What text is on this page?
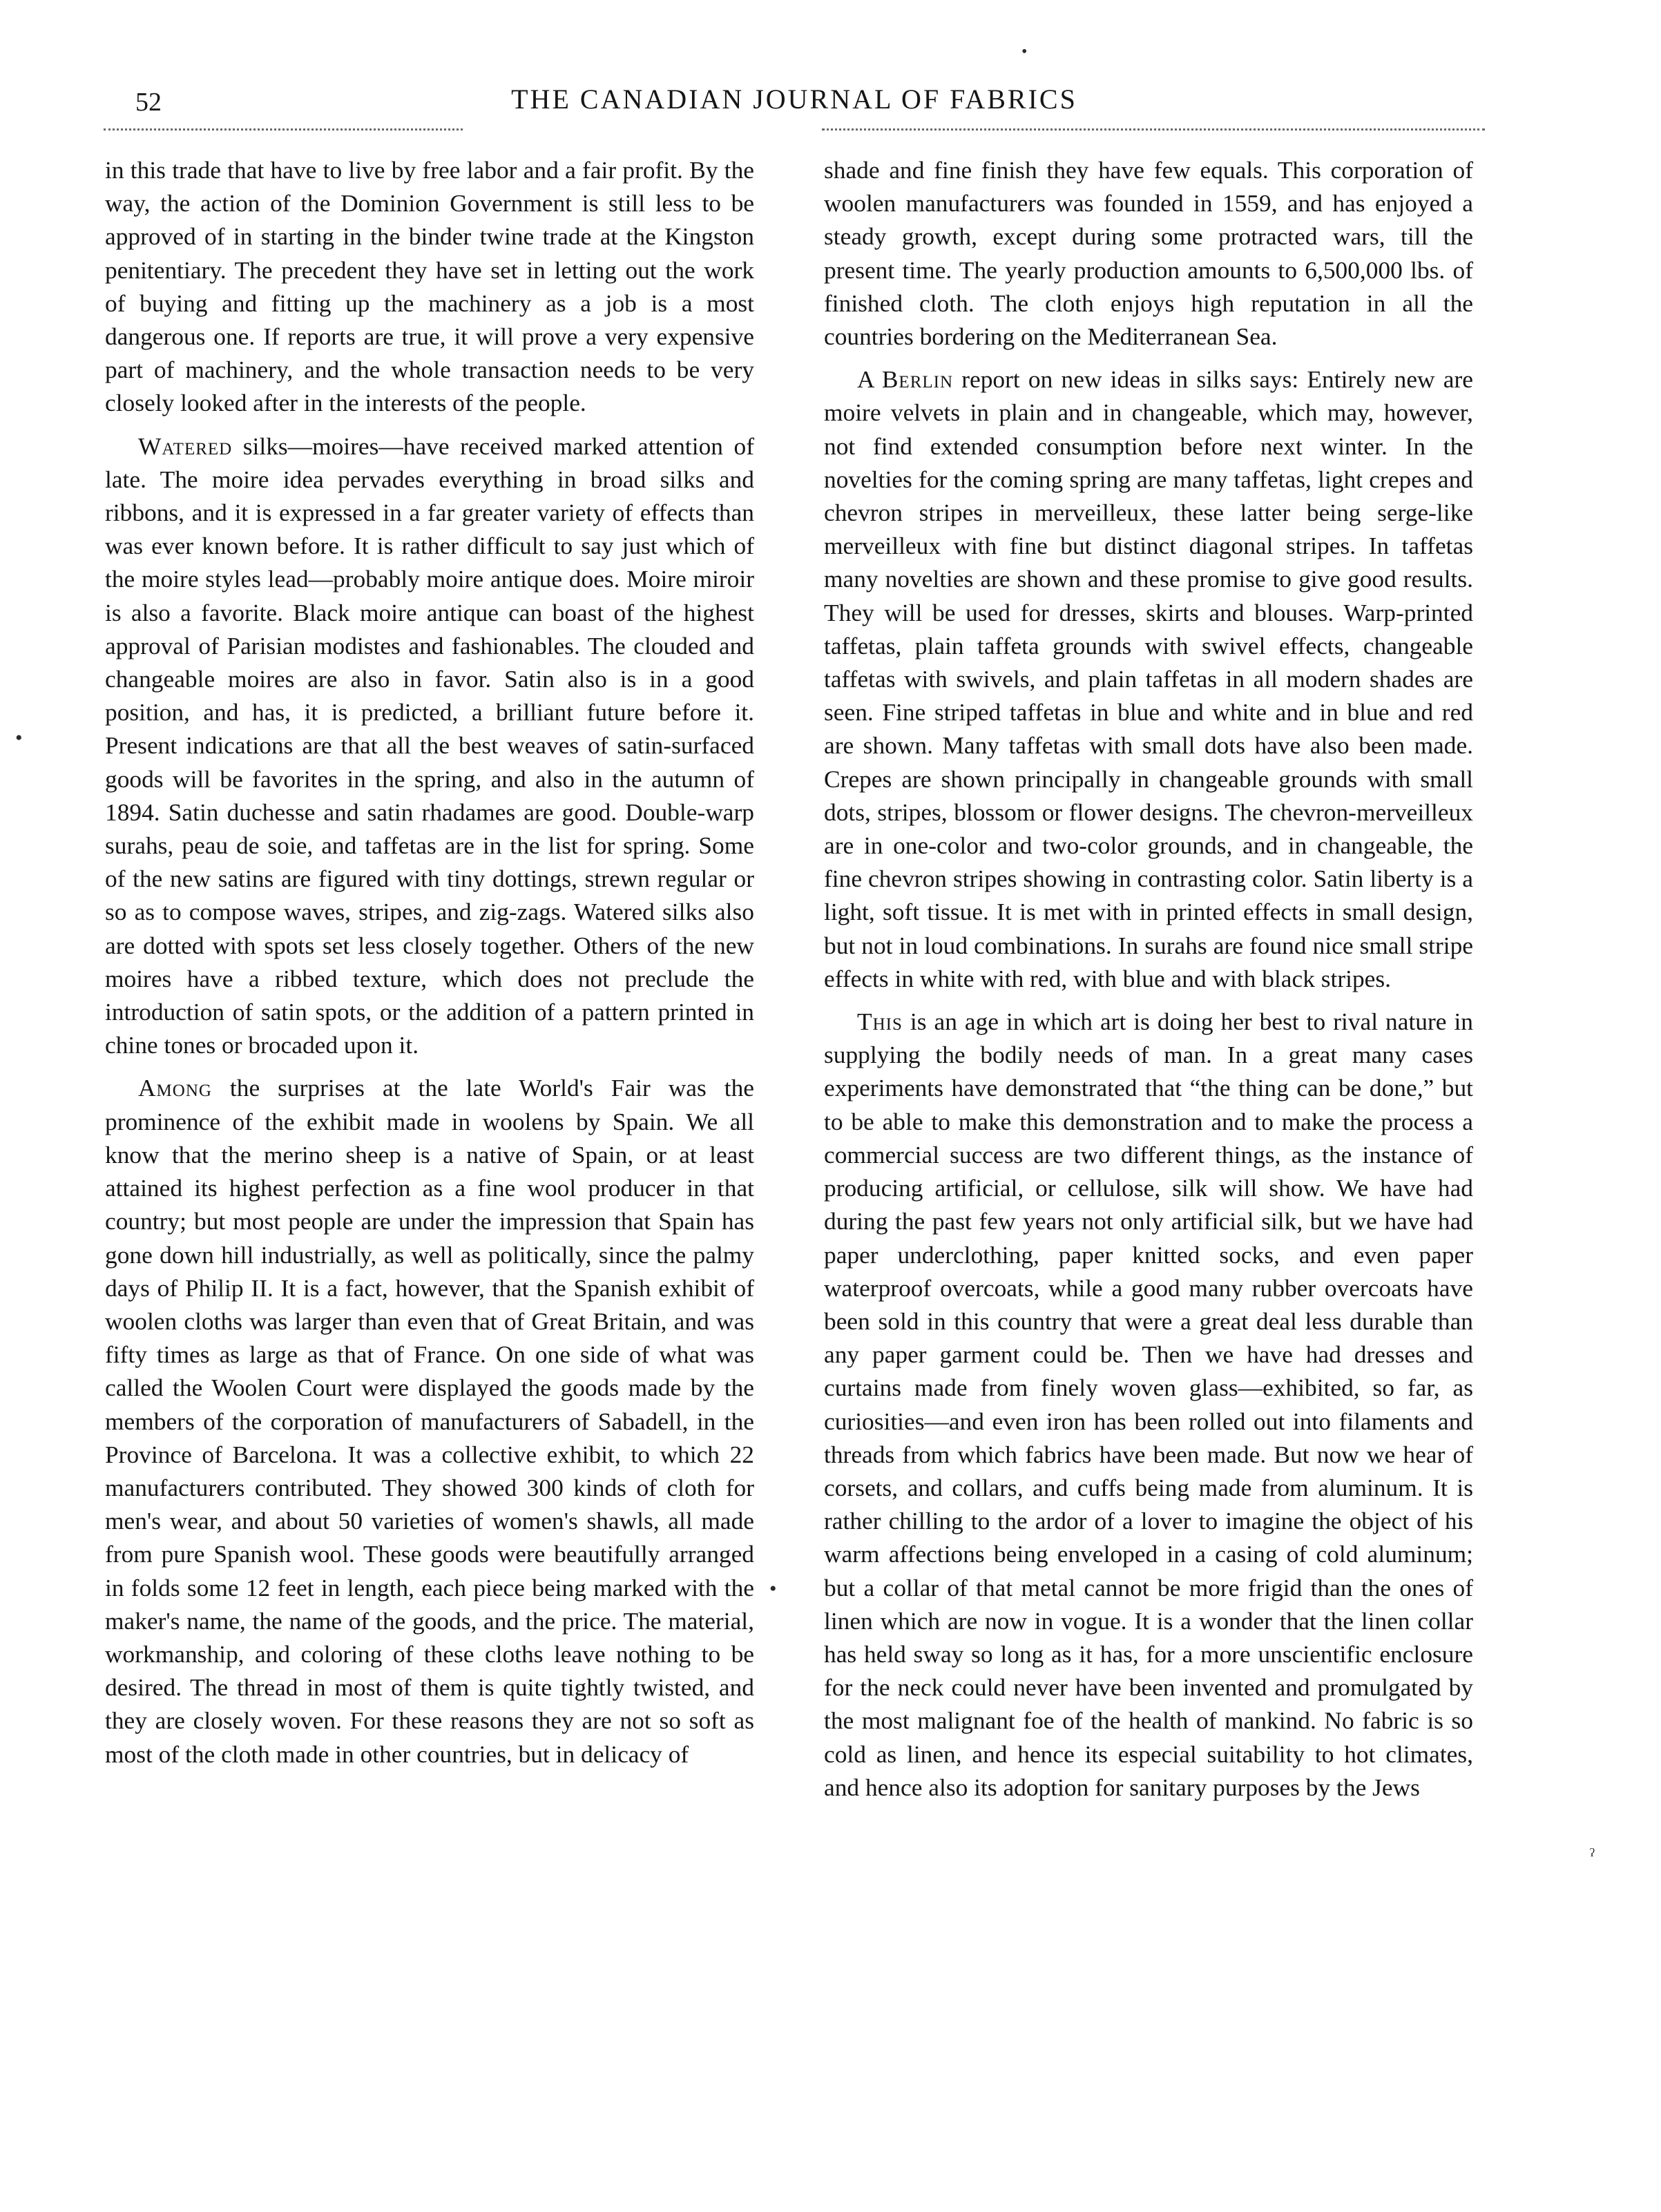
52	THE CANADIAN JOURNAL OF FABRICS
•
•
•
ˀ

in this trade that have to live by free labor and a fair profit. By the way, the action of the Dominion Government is still less to be approved of in starting in the binder twine trade at the Kingston penitentiary. The precedent they have set in letting out the work of buying and fitting up the machinery as a job is a most dangerous one. If reports are true, it will prove a very expensive part of machinery, and the whole transaction needs to be very closely looked after in the interests of the people.

Watered silks—moires—have received marked attention of late. The moire idea pervades everything in broad silks and ribbons, and it is expressed in a far greater variety of effects than was ever known before. It is rather difficult to say just which of the moire styles lead—probably moire antique does. Moire miroir is also a favorite. Black moire antique can boast of the highest approval of Parisian modistes and fashionables. The clouded and changeable moires are also in favor. Satin also is in a good position, and has, it is predicted, a brilliant future before it. Present indications are that all the best weaves of satin-surfaced goods will be favorites in the spring, and also in the autumn of 1894. Satin duchesse and satin rhadames are good. Double-warp surahs, peau de soie, and taffetas are in the list for spring. Some of the new satins are figured with tiny dottings, strewn regular or so as to compose waves, stripes, and zig-zags. Watered silks also are dotted with spots set less closely together. Others of the new moires have a ribbed texture, which does not preclude the introduction of satin spots, or the addition of a pattern printed in chine tones or brocaded upon it.

Among the surprises at the late World's Fair was the prominence of the exhibit made in woolens by Spain. We all know that the merino sheep is a native of Spain, or at least attained its highest perfection as a fine wool producer in that country; but most people are under the impression that Spain has gone down hill industrially, as well as politically, since the palmy days of Philip II. It is a fact, however, that the Spanish exhibit of woolen cloths was larger than even that of Great Britain, and was fifty times as large as that of France. On one side of what was called the Woolen Court were displayed the goods made by the members of the corporation of manufacturers of Sabadell, in the Province of Barcelona. It was a collective exhibit, to which 22 manufacturers contributed. They showed 300 kinds of cloth for men's wear, and about 50 varieties of women's shawls, all made from pure Spanish wool. These goods were beautifully arranged in folds some 12 feet in length, each piece being marked with the maker's name, the name of the goods, and the price. The material, workmanship, and coloring of these cloths leave nothing to be desired. The thread in most of them is quite tightly twisted, and they are closely woven. For these reasons they are not so soft as most of the cloth made in other countries, but in delicacy of

shade and fine finish they have few equals. This corporation of woolen manufacturers was founded in 1559, and has enjoyed a steady growth, except during some protracted wars, till the present time. The yearly production amounts to 6,500,000 lbs. of finished cloth. The cloth enjoys high reputation in all the countries bordering on the Mediterranean Sea.

A Berlin report on new ideas in silks says: Entirely new are moire velvets in plain and in changeable, which may, however, not find extended consumption before next winter. In the novelties for the coming spring are many taffetas, light crepes and chevron stripes in merveilleux, these latter being serge-like merveilleux with fine but distinct diagonal stripes. In taffetas many novelties are shown and these promise to give good results. They will be used for dresses, skirts and blouses. Warp-printed taffetas, plain taffeta grounds with swivel effects, changeable taffetas with swivels, and plain taffetas in all modern shades are seen. Fine striped taffetas in blue and white and in blue and red are shown. Many taffetas with small dots have also been made. Crepes are shown principally in changeable grounds with small dots, stripes, blossom or flower designs. The chevron-merveilleux are in one-color and two-color grounds, and in changeable, the fine chevron stripes showing in contrasting color. Satin liberty is a light, soft tissue. It is met with in printed effects in small design, but not in loud combinations. In surahs are found nice small stripe effects in white with red, with blue and with black stripes.

This is an age in which art is doing her best to rival nature in supplying the bodily needs of man. In a great many cases experiments have demonstrated that “the thing can be done,” but to be able to make this demonstration and to make the process a commercial success are two different things, as the instance of producing artificial, or cellulose, silk will show. We have had during the past few years not only artificial silk, but we have had paper underclothing, paper knitted socks, and even paper waterproof overcoats, while a good many rubber overcoats have been sold in this country that were a great deal less durable than any paper garment could be. Then we have had dresses and curtains made from finely woven glass—exhibited, so far, as curiosities—and even iron has been rolled out into filaments and threads from which fabrics have been made. But now we hear of corsets, and collars, and cuffs being made from aluminum. It is rather chilling to the ardor of a lover to imagine the object of his warm affections being enveloped in a casing of cold aluminum; but a collar of that metal cannot be more frigid than the ones of linen which are now in vogue. It is a wonder that the linen collar has held sway so long as it has, for a more unscientific enclosure for the neck could never have been invented and promulgated by the most malignant foe of the health of mankind. No fabric is so cold as linen, and hence its especial suitability to hot climates, and hence also its adoption for sanitary purposes by the Jews
